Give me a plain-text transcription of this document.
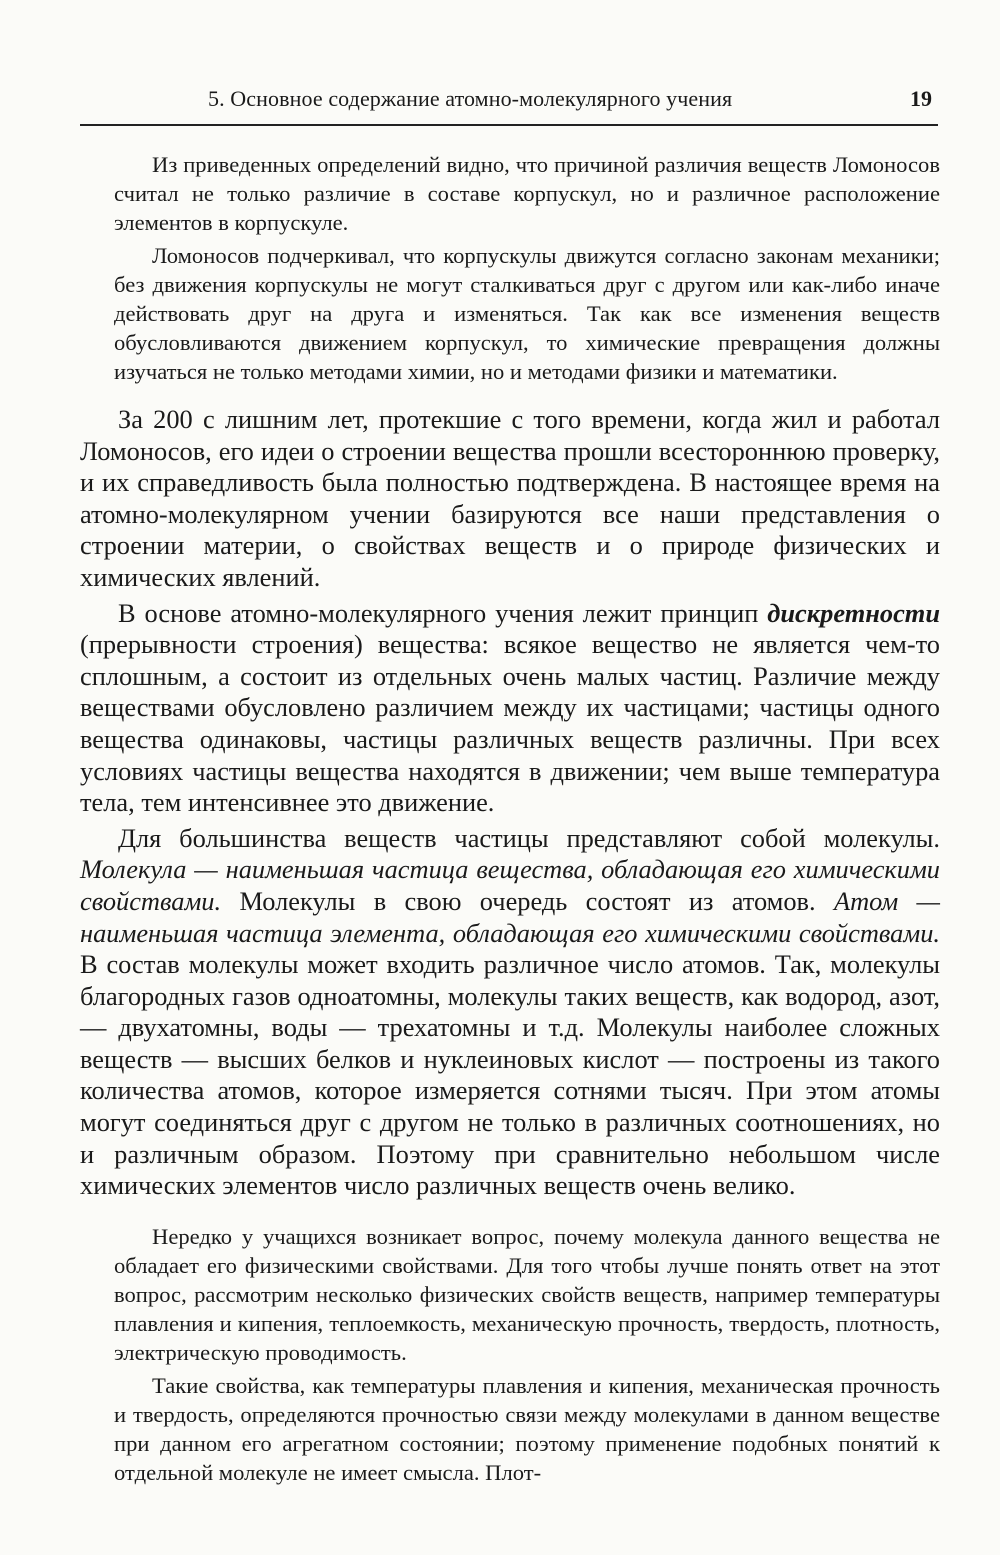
5. Основное содержание атомно-молекулярного учения	19

Из приведенных определений видно, что причиной различия веществ Ломоносов считал не только различие в составе корпускул, но и различное расположение элементов в корпускуле.

Ломоносов подчеркивал, что корпускулы движутся согласно законам механики; без движения корпускулы не могут сталкиваться друг с другом или как-либо иначе действовать друг на друга и изменяться. Так как все изменения веществ обусловливаются движением корпускул, то химические превращения должны изучаться не только методами химии, но и методами физики и математики.

За 200 с лишним лет, протекшие с того времени, когда жил и работал Ломоносов, его идеи о строении вещества прошли всестороннюю проверку, и их справедливость была полностью подтверждена. В настоящее время на атомно-молекулярном учении базируются все наши представления о строении материи, о свойствах веществ и о природе физических и химических явлений.

В основе атомно-молекулярного учения лежит принцип дискретности (прерывности строения) вещества: всякое вещество не является чем-то сплошным, а состоит из отдельных очень малых частиц. Различие между веществами обусловлено различием между их частицами; частицы одного вещества одинаковы, частицы различных веществ различны. При всех условиях частицы вещества находятся в движении; чем выше температура тела, тем интенсивнее это движение.

Для большинства веществ частицы представляют собой молекулы. Молекула — наименьшая частица вещества, обладающая его химическими свойствами. Молекулы в свою очередь состоят из атомов. Атом — наименьшая частица элемента, обладающая его химическими свойствами. В состав молекулы может входить различное число атомов. Так, молекулы благородных газов одноатомны, молекулы таких веществ, как водород, азот, — двухатомны, воды — трехатомны и т.д. Молекулы наиболее сложных веществ — высших белков и нуклеиновых кислот — построены из такого количества атомов, которое измеряется сотнями тысяч. При этом атомы могут соединяться друг с другом не только в различных соотношениях, но и различным образом. Поэтому при сравнительно небольшом числе химических элементов число различных веществ очень велико.

Нередко у учащихся возникает вопрос, почему молекула данного вещества не обладает его физическими свойствами. Для того чтобы лучше понять ответ на этот вопрос, рассмотрим несколько физических свойств веществ, например температуры плавления и кипения, теплоемкость, механическую прочность, твердость, плотность, электрическую проводимость.

Такие свойства, как температуры плавления и кипения, механическая прочность и твердость, определяются прочностью связи между молекулами в данном веществе при данном его агрегатном состоянии; поэтому применение подобных понятий к отдельной молекуле не имеет смысла. Плот-
